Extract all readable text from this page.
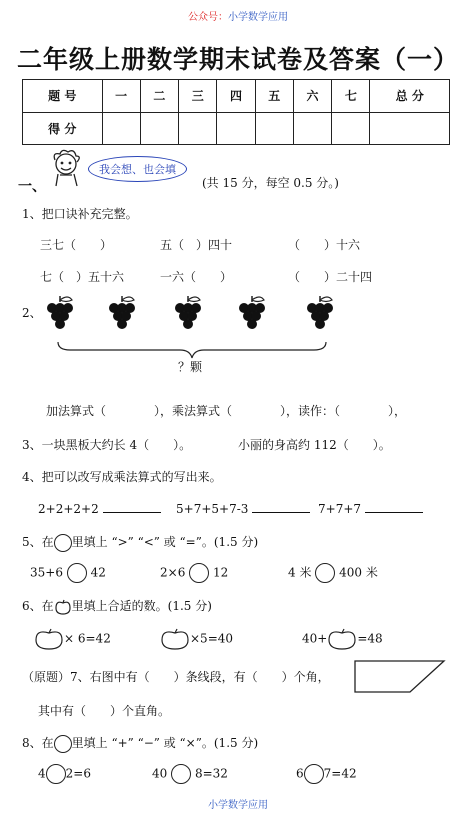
公众号：小学数学应用
二年级上册数学期末试卷及答案（一）
题 号	一	二	三	四	五	六	七	总 分
得 分								
一、
我会想、也会填
(共 15 分，每空 0.5 分。)
1、把口诀补充完整。
三七（　　）	五（　）四十	（　　）十六
七（　）五十六	一六（　　）	（　　）二十四
2、
？颗
加法算式（　　　　），乘法算式（　　　　），读作：（　　　　），
3、一块黑板大约长 4（　　）。	小丽的身高约 112（　　）。
4、把可以改写成乘法算式的写出来。
2+2+2+2	5+7+5+7-3	7+7+7
5、在 里填上 “>” “<” 或 “=”。(1.5 分)
35+6 42	2×6 12	4 米 400 米
6、在 里填上合适的数。(1.5 分)
× 6=42	×5=40	40+	=48
（原题）7、右图中有（　　）条线段，有（　　）个角，
其中有（　　）个直角。
8、在 里填上 “+” “−” 或 “×”。(1.5 分)
4 2=6	40 8=32	6 7=42
小学数学应用
